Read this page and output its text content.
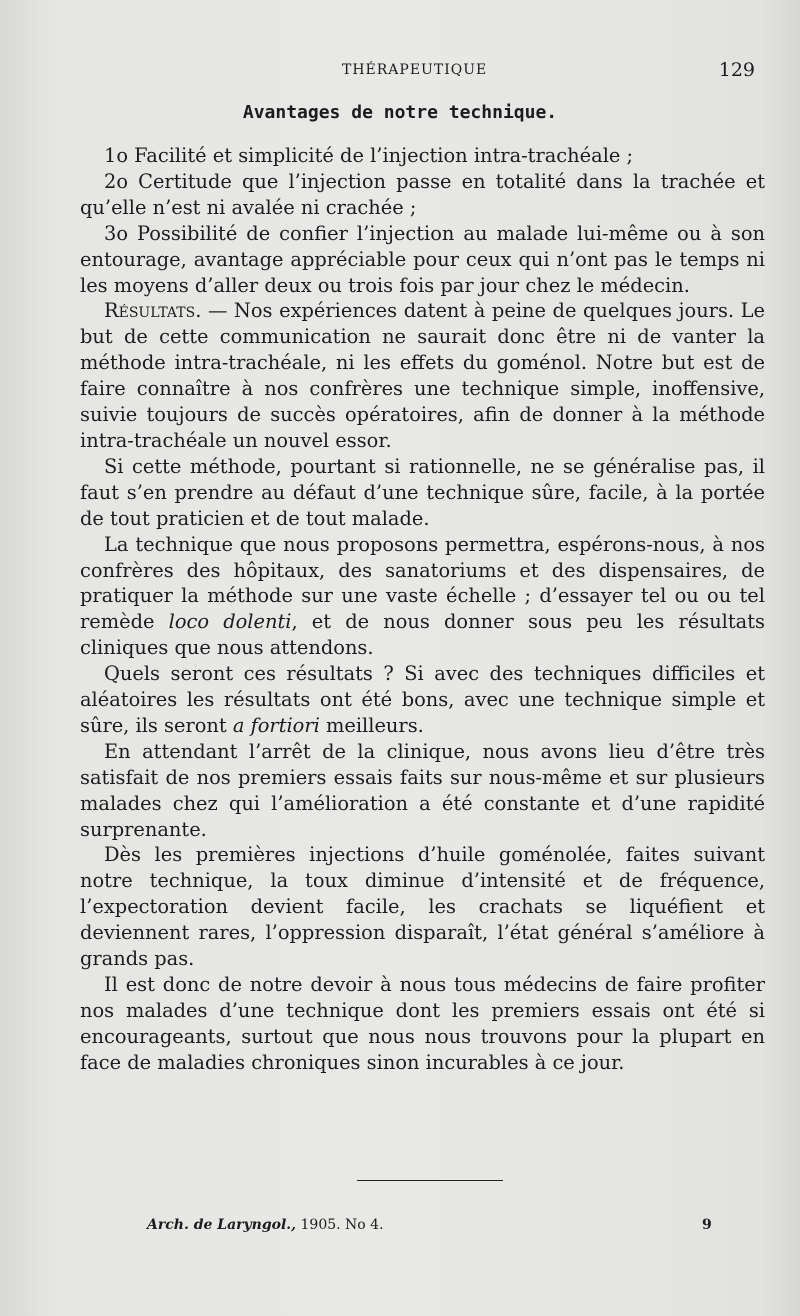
THÉRAPEUTIQUE	129
Avantages de notre technique.

1o Facilité et simplicité de l’injection intra-trachéale ;

2o Certitude que l’injection passe en totalité dans la trachée et qu’elle n’est ni avalée ni crachée ;

3o Possibilité de confier l’injection au malade lui-même ou à son entourage, avantage appréciable pour ceux qui n’ont pas le temps ni les moyens d’aller deux ou trois fois par jour chez le médecin.

Résultats. — Nos expériences datent à peine de quelques jours. Le but de cette communication ne saurait donc être ni de vanter la méthode intra-trachéale, ni les effets du goménol. Notre but est de faire connaître à nos confrères une technique simple, inoffensive, suivie toujours de succès opératoires, afin de donner à la méthode intra-trachéale un nouvel essor.

Si cette méthode, pourtant si rationnelle, ne se généralise pas, il faut s’en prendre au défaut d’une technique sûre, facile, à la portée de tout praticien et de tout malade.

La technique que nous proposons permettra, espérons-nous, à nos confrères des hôpitaux, des sanatoriums et des dispensaires, de pratiquer la méthode sur une vaste échelle ; d’essayer tel ou ou tel remède loco dolenti, et de nous donner sous peu les résultats cliniques que nous attendons.

Quels seront ces résultats ? Si avec des techniques difficiles et aléatoires les résultats ont été bons, avec une technique simple et sûre, ils seront a fortiori meilleurs.

En attendant l’arrêt de la clinique, nous avons lieu d’être très satisfait de nos premiers essais faits sur nous-même et sur plusieurs malades chez qui l’amélioration a été constante et d’une rapidité surprenante.

Dès les premières injections d’huile goménolée, faites suivant notre technique, la toux diminue d’intensité et de fréquence, l’expectoration devient facile, les crachats se liquéfient et deviennent rares, l’oppression disparaît, l’état général s’améliore à grands pas.

Il est donc de notre devoir à nous tous médecins de faire profiter nos malades d’une technique dont les premiers essais ont été si encourageants, surtout que nous nous trouvons pour la plupart en face de maladies chroniques sinon incurables à ce jour.

Arch. de Laryngol., 1905. No 4.	9
